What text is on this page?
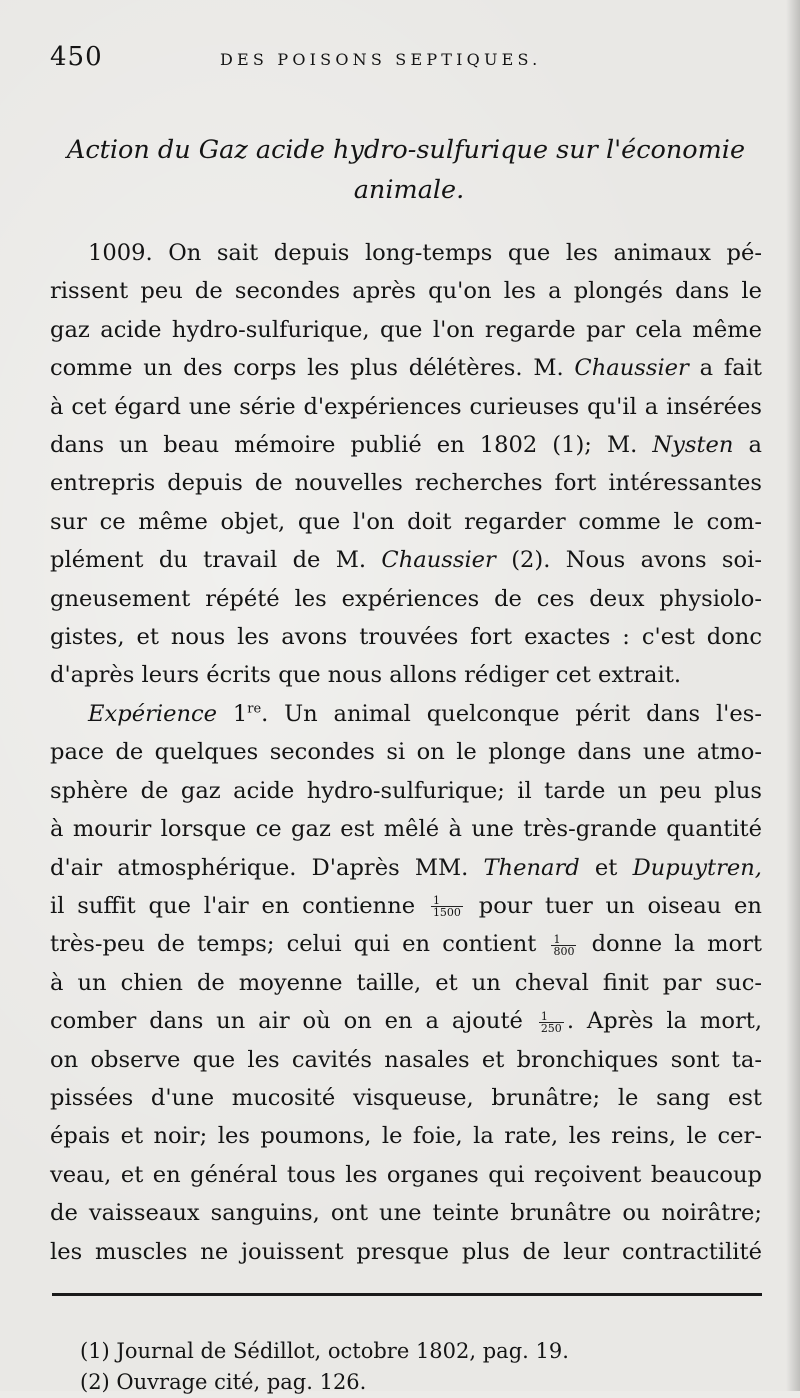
450	DES POISONS SEPTIQUES.
Action du Gaz acide hydro-sulfurique sur l'économie
animale.

1009. On sait depuis long-temps que les animaux pé-
rissent peu de secondes après qu'on les a plongés dans le
gaz acide hydro-sulfurique, que l'on regarde par cela même
comme un des corps les plus délétères. M. Chaussier a fait
à cet égard une série d'expériences curieuses qu'il a insérées
dans un beau mémoire publié en 1802 (1); M. Nysten a
entrepris depuis de nouvelles recherches fort intéressantes
sur ce même objet, que l'on doit regarder comme le com-
plément du travail de M. Chaussier (2). Nous avons soi-
gneusement répété les expériences de ces deux physiolo-
gistes, et nous les avons trouvées fort exactes : c'est donc
d'après leurs écrits que nous allons rédiger cet extrait.

Expérience 1re. Un animal quelconque périt dans l'es-
pace de quelques secondes si on le plonge dans une atmo-
sphère de gaz acide hydro-sulfurique; il tarde un peu plus
à mourir lorsque ce gaz est mêlé à une très-grande quantité
d'air atmosphérique. D'après MM. Thenard et Dupuytren,
il suffit que l'air en contienne $\frac{1}{1500}$ pour tuer un oiseau en
très-peu de temps; celui qui en contient $\frac{1}{800}$ donne la mort
à un chien de moyenne taille, et un cheval finit par suc-
comber dans un air où on en a ajouté $\frac{1}{250}$ . Après la mort,
on observe que les cavités nasales et bronchiques sont ta-
pissées d'une mucosité visqueuse, brunâtre; le sang est
épais et noir; les poumons, le foie, la rate, les reins, le cer-
veau, et en général tous les organes qui reçoivent beaucoup
de vaisseaux sanguins, ont une teinte brunâtre ou noirâtre;
les muscles ne jouissent presque plus de leur contractilité

(1) Journal de Sédillot, octobre 1802, pag. 19.
(2) Ouvrage cité, pag. 126.
